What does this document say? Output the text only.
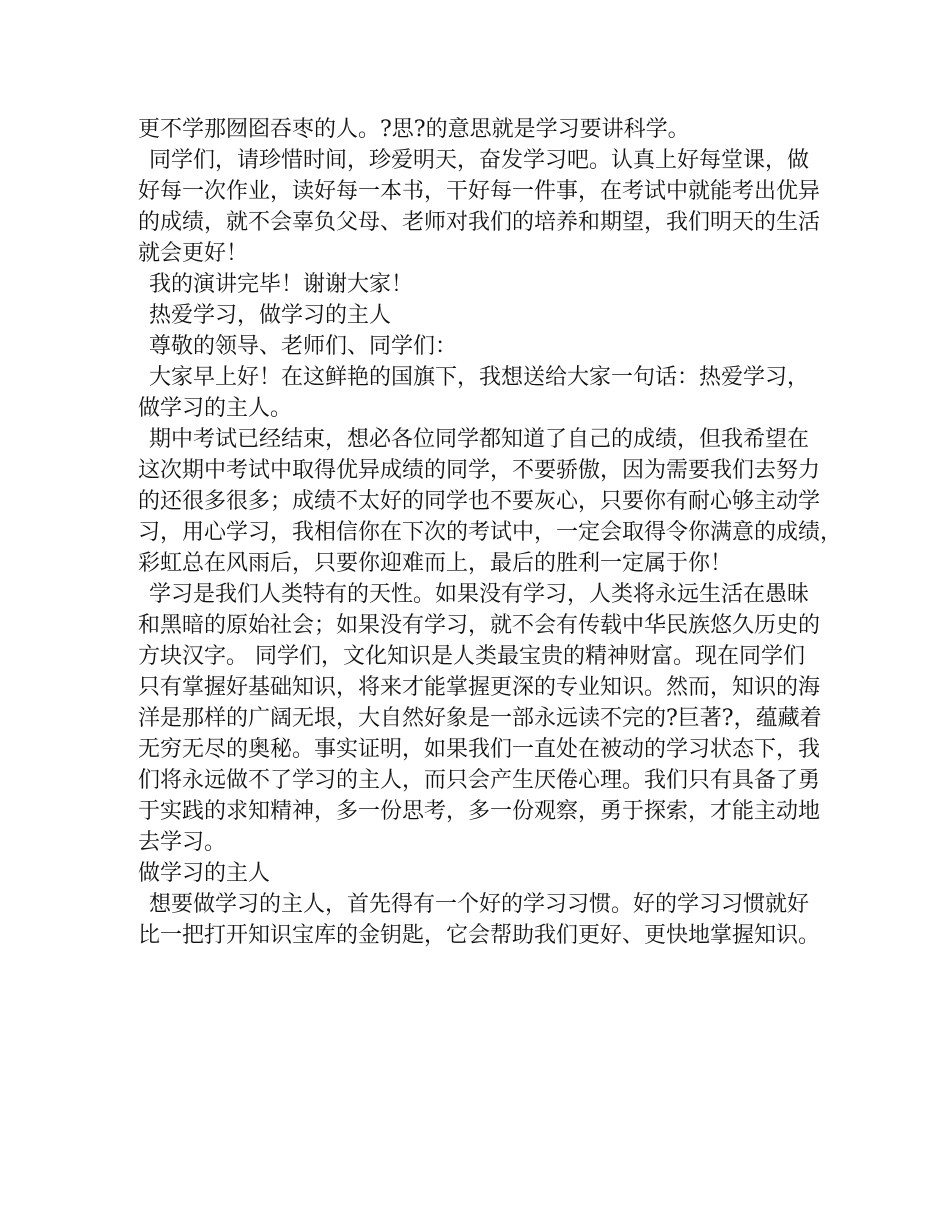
更不学那囫囵吞枣的人。?思?的意思就是学习要讲科学。
同学们，请珍惜时间，珍爱明天，奋发学习吧。认真上好每堂课，做
好每一次作业，读好每一本书，干好每一件事，在考试中就能考出优异
的成绩，就不会辜负父母、老师对我们的培养和期望，我们明天的生活
就会更好！
我的演讲完毕！谢谢大家！
热爱学习，做学习的主人
尊敬的领导、老师们、同学们：
大家早上好！在这鲜艳的国旗下，我想送给大家一句话：热爱学习，
做学习的主人。
期中考试已经结束，想必各位同学都知道了自己的成绩，但我希望在
这次期中考试中取得优异成绩的同学，不要骄傲，因为需要我们去努力
的还很多很多；成绩不太好的同学也不要灰心，只要你有耐心够主动学
习，用心学习，我相信你在下次的考试中，一定会取得令你满意的成绩，
彩虹总在风雨后，只要你迎难而上，最后的胜利一定属于你！
学习是我们人类特有的天性。如果没有学习，人类将永远生活在愚昧
和黑暗的原始社会；如果没有学习，就不会有传载中华民族悠久历史的
方块汉字。 同学们，文化知识是人类最宝贵的精神财富。现在同学们
只有掌握好基础知识，将来才能掌握更深的专业知识。然而，知识的海
洋是那样的广阔无垠，大自然好象是一部永远读不完的?巨著?，蕴藏着
无穷无尽的奥秘。事实证明，如果我们一直处在被动的学习状态下，我
们将永远做不了学习的主人，而只会产生厌倦心理。我们只有具备了勇
于实践的求知精神，多一份思考，多一份观察，勇于探索，才能主动地
去学习。
做学习的主人
想要做学习的主人，首先得有一个好的学习习惯。好的学习习惯就好
比一把打开知识宝库的金钥匙，它会帮助我们更好、更快地掌握知识。
